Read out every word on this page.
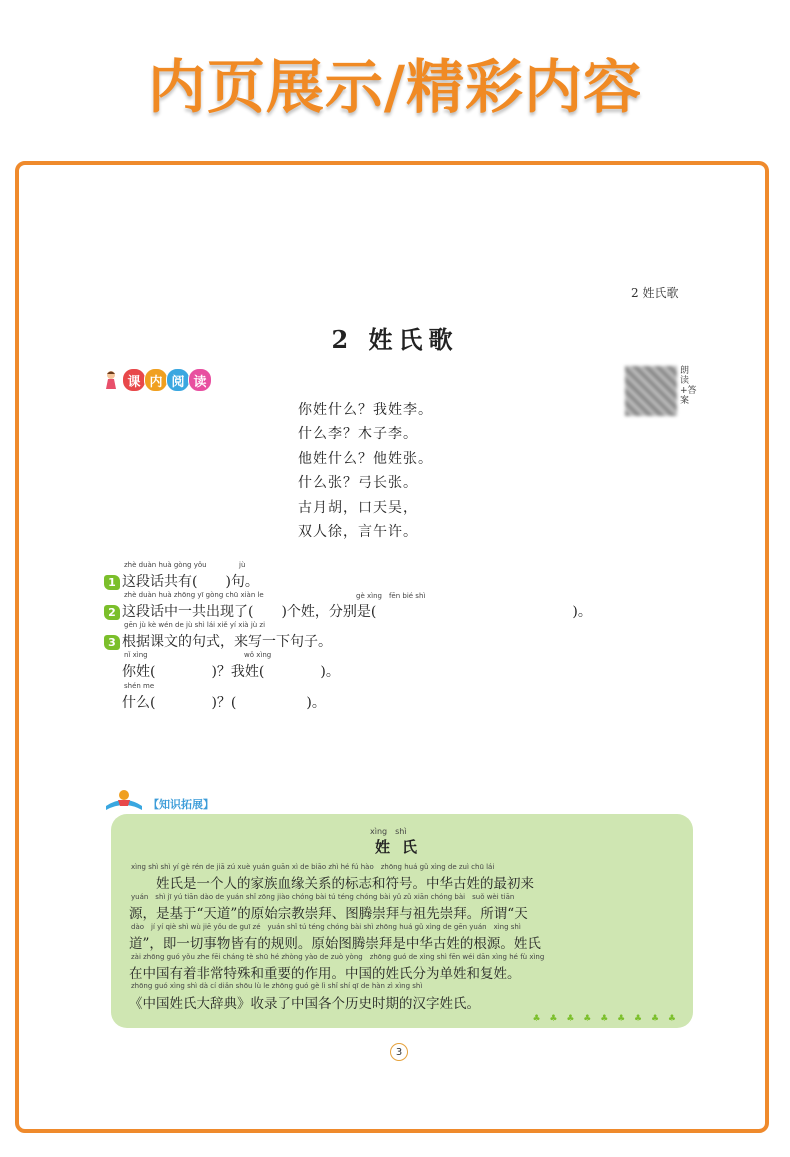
内页展示/精彩内容
2 姓氏歌
2 姓氏歌
课 内 阅 读
朗读+答案
你姓什么？我姓李。
什么李？木子李。
他姓什么？他姓张。
什么张？弓长张。
古月胡，口天吴，
双人徐，言午许。
zhè duàn huà gòng yǒu	jù
1 这段话共有(　　)句。
zhè duàn huà zhōng yī gòng chū xiàn le	gè xìng　fēn bié shì
2 这段话中一共出现了(　　)个姓，分别是(　　　　　　　　　　　　　　)。
gēn jù kè wén de jù shì lái xiě yí xià jù zi
3 根据课文的句式，来写一下句子。
nǐ xìng	wǒ xìng
你姓(　　　　)？我姓(　　　　)。
shén me
什么(　　　　)？(　　　　　)。
【知识拓展】
xìng　shì
姓氏
xìng shì shì yí gè rén de jiā zú xuè yuán guān xì de biāo zhì hé fú hào　zhōng huá gǔ xìng de zuì chū lái
　　姓氏是一个人的家族血缘关系的标志和符号。中华古姓的最初来
yuán　shì jī yú tiān dào de yuán shǐ zōng jiào chóng bài tú téng chóng bài yǔ zǔ xiān chóng bài　suǒ wèi tiān
源，是基于“天道”的原始宗教崇拜、图腾崇拜与祖先崇拜。所谓“天
dào　jí yí qiè shì wù jiē yǒu de guī zé　yuán shǐ tú téng chóng bài shì zhōng huá gǔ xìng de gēn yuán　xìng shì
道”，即一切事物皆有的规则。原始图腾崇拜是中华古姓的根源。姓氏
zài zhōng guó yǒu zhe fēi cháng tè shū hé zhòng yào de zuò yòng　zhōng guó de xìng shì fēn wéi dān xìng hé fù xìng
在中国有着非常特殊和重要的作用。中国的姓氏分为单姓和复姓。
zhōng guó xìng shì dà cí diǎn shōu lù le zhōng guó gè lì shǐ shí qī de hàn zì xìng shì
《中国姓氏大辞典》收录了中国各个历史时期的汉字姓氏。
♣ ♣ ♣ ♣ ♣ ♣ ♣ ♣ ♣
3
